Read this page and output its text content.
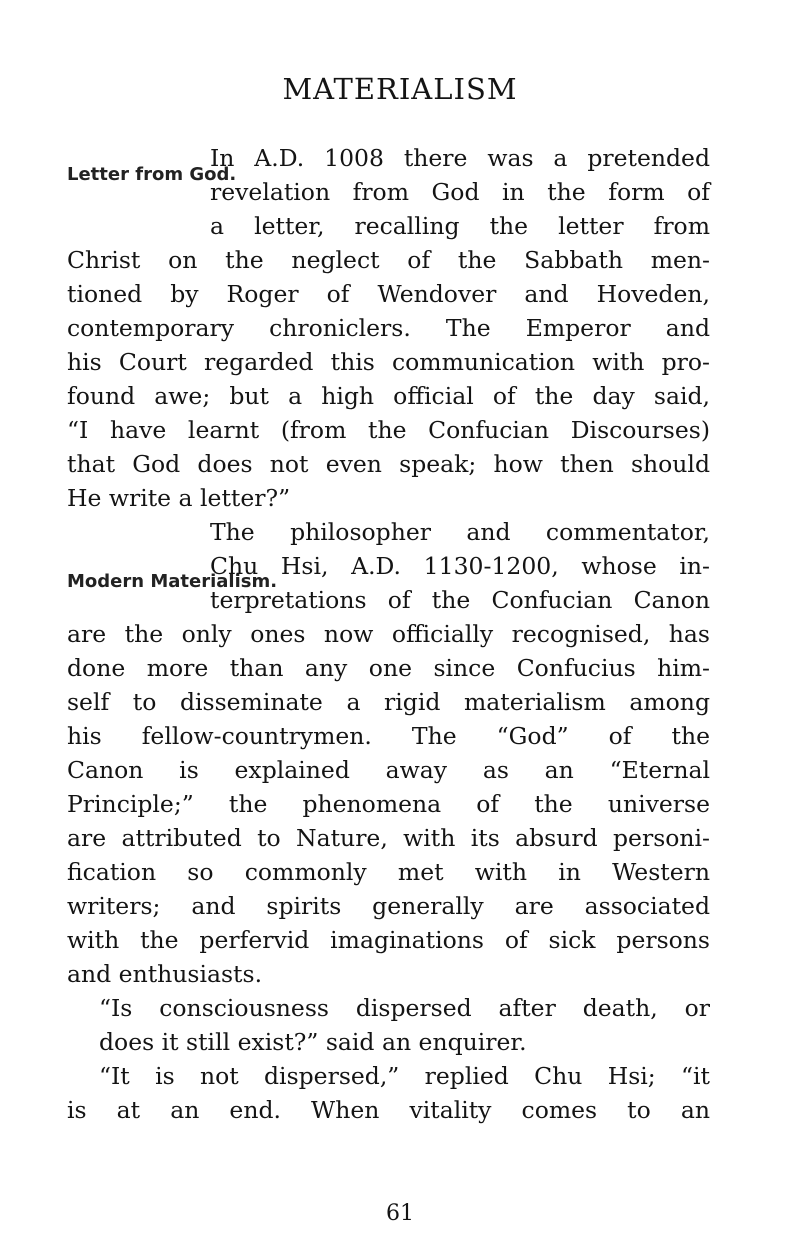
MATERIALISM
Letter from God.
Modern Materialism.
In A.D. 1008 there was a pretended
revelation from God in the form of
a letter, recalling the letter from
Christ on the neglect of the Sabbath men-
tioned by Roger of Wendover and Hoveden,
contemporary chroniclers. The Emperor and
his Court regarded this communication with pro-
found awe; but a high official of the day said,
“I have learnt (from the Confucian Discourses)
that God does not even speak; how then should
He write a letter?”
The philosopher and commentator,
Chu Hsi, A.D. 1130-1200, whose in-
terpretations of the Confucian Canon
are the only ones now officially recognised, has
done more than any one since Confucius him-
self to disseminate a rigid materialism among
his fellow-countrymen. The “God” of the
Canon is explained away as an “Eternal
Principle;” the phenomena of the universe
are attributed to Nature, with its absurd personi-
fication so commonly met with in Western
writers; and spirits generally are associated
with the perfervid imaginations of sick persons
and enthusiasts.
“Is consciousness dispersed after death, or
does it still exist?” said an enquirer.
“It is not dispersed,” replied Chu Hsi; “it
is at an end. When vitality comes to an
61
